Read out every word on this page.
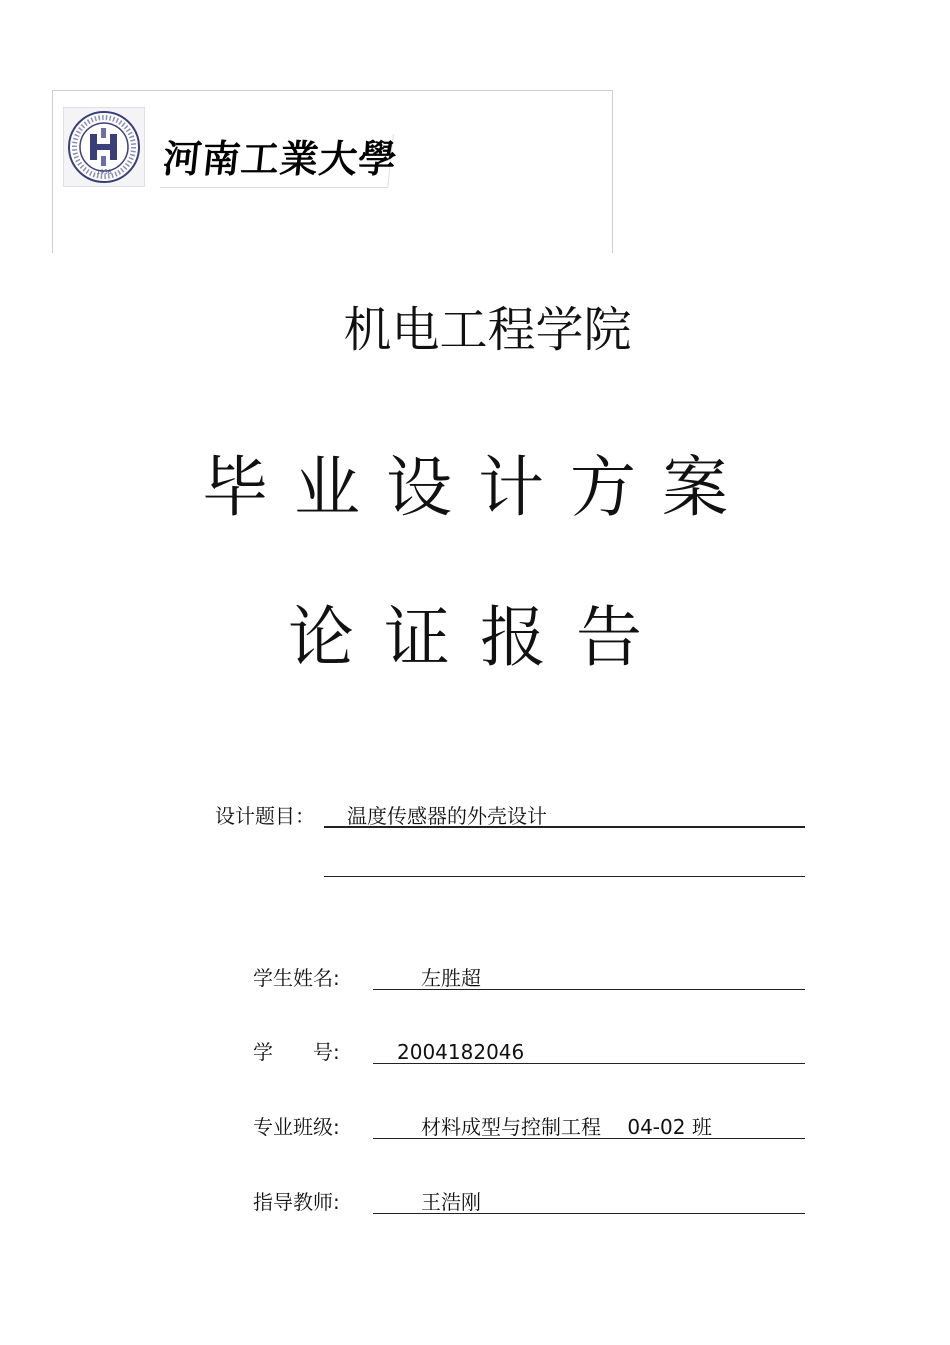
1956 河南工業大學
机电工程学院
毕业设计方案
论证报告
设计题目： 温度传感器的外壳设计
学生姓名:	左胜超
学　　号:	2004182046
专业班级:	材料成型与控制工程　 04-02 班
指导教师:	王浩刚
